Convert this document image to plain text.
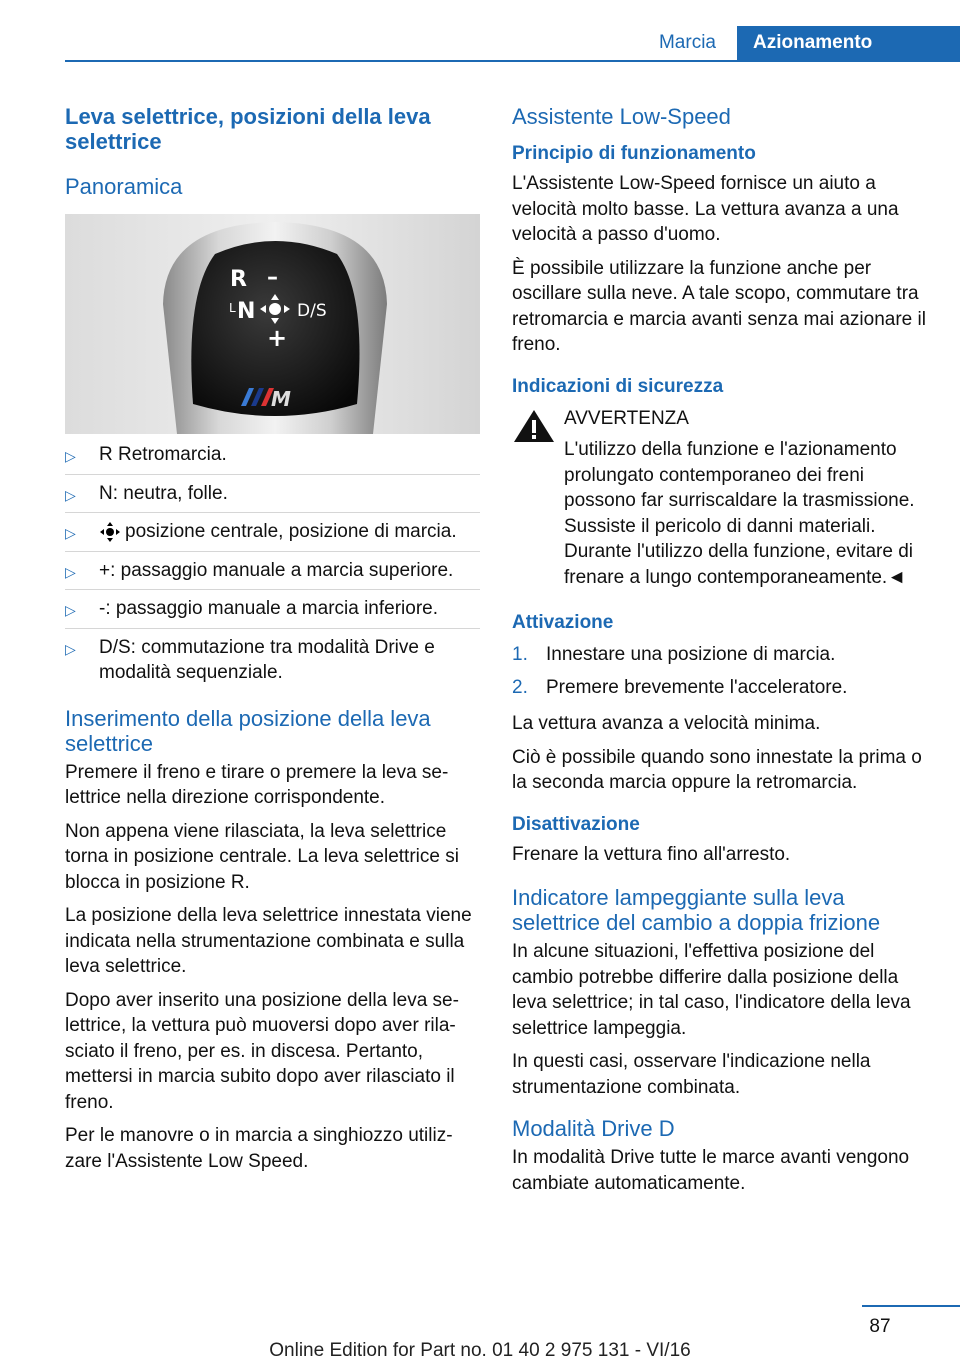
Marcia	Azionamento
Leva selettrice, posizioni della leva selettrice
Panoramica
R –
L N D/S
+
M
▷ R Retromarcia.
▷ N: neutra, folle.
▷	posizione centrale, posizione di marcia.
▷ +: passaggio manuale a marcia superiore.
▷ -: passaggio manuale a marcia inferiore.
▷ D/S: commutazione tra modalità Drive e modalità sequenziale.
Inserimento della posizione della leva selettrice

Premere il freno e tirare o premere la leva selettrice nella direzione corrispondente.

Non appena viene rilasciata, la leva selettrice torna in posizione centrale. La leva selettrice si blocca in posizione R.

La posizione della leva selettrice innestata viene indicata nella strumentazione combinata e sulla leva selettrice.

Dopo aver inserito una posizione della leva selettrice, la vettura può muoversi dopo aver rilasciato il freno, per es. in discesa. Pertanto, mettersi in marcia subito dopo aver rilasciato il freno.

Per le manovre o in marcia a singhiozzo utilizzare l'Assistente Low Speed.

Assistente Low-Speed
Principio di funzionamento

L'Assistente Low-Speed fornisce un aiuto a velocità molto basse. La vettura avanza a una velocità a passo d'uomo.

È possibile utilizzare la funzione anche per oscillare sulla neve. A tale scopo, commutare tra retromarcia e marcia avanti senza mai azionare il freno.

Indicazioni di sicurezza
AVVERTENZA
L'utilizzo della funzione e l'azionamento prolungato contemporaneo dei freni possono far surriscaldare la trasmissione. Sussiste il pericolo di danni materiali. Durante l'utilizzo della funzione, evitare di frenare a lungo contemporaneamente.◄
Attivazione
1. Innestare una posizione di marcia.
2. Premere brevemente l'acceleratore.

La vettura avanza a velocità minima.

Ciò è possibile quando sono innestate la prima o la seconda marcia oppure la retromarcia.

Disattivazione

Frenare la vettura fino all'arresto.

Indicatore lampeggiante sulla leva selettrice del cambio a doppia frizione

In alcune situazioni, l'effettiva posizione del cambio potrebbe differire dalla posizione della leva selettrice; in tal caso, l'indicatore della leva selettrice lampeggia.

In questi casi, osservare l'indicazione nella strumentazione combinata.

Modalità Drive D

In modalità Drive tutte le marce avanti vengono cambiate automaticamente.

87
Online Edition for Part no. 01 40 2 975 131 - VI/16
